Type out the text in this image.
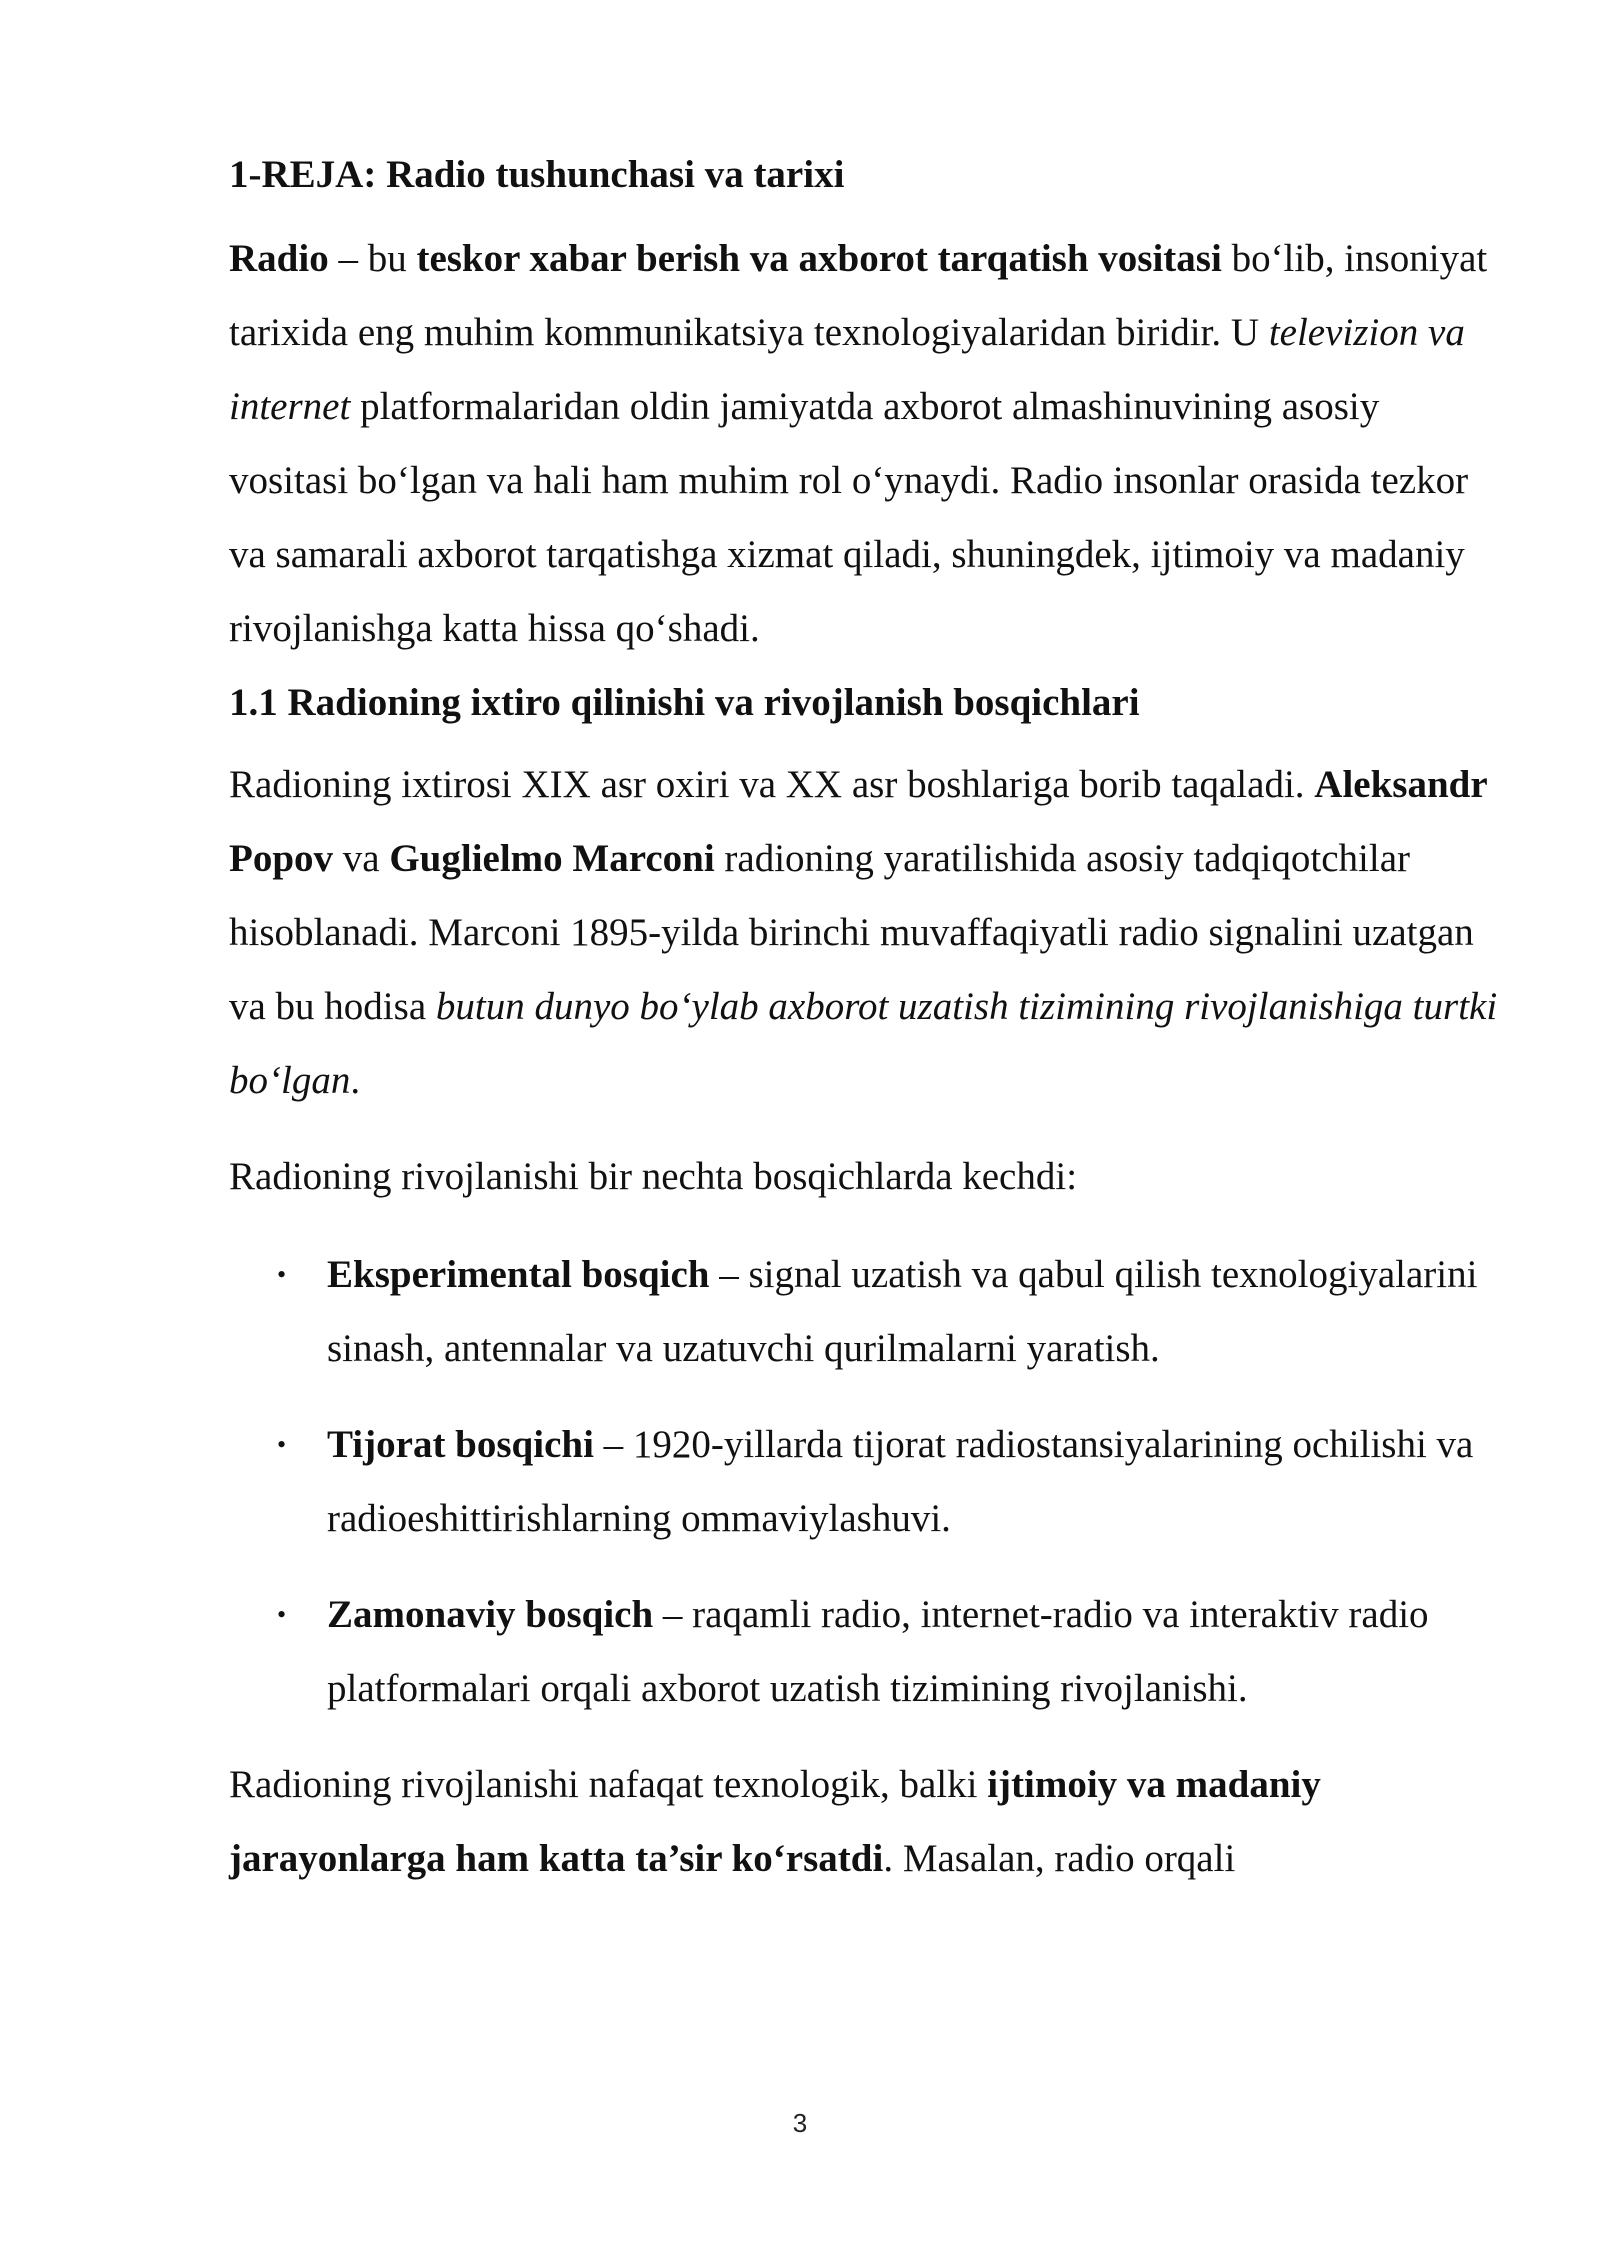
1-REJA: Radio tushunchasi va tarixi

Radio – bu teskor xabar berish va axborot tarqatish vositasi bo‘lib, insoniyat tarixida eng muhim kommunikatsiya texnologiyalaridan biridir. U televizion va internet platformalaridan oldin jamiyatda axborot almashinuvining asosiy vositasi bo‘lgan va hali ham muhim rol o‘ynaydi. Radio insonlar orasida tezkor va samarali axborot tarqatishga xizmat qiladi, shuningdek, ijtimoiy va madaniy rivojlanishga katta hissa qo‘shadi.

1.1 Radioning ixtiro qilinishi va rivojlanish bosqichlari

Radioning ixtirosi XIX asr oxiri va XX asr boshlariga borib taqaladi. Aleksandr Popov va Guglielmo Marconi radioning yaratilishida asosiy tadqiqotchilar hisoblanadi. Marconi 1895-yilda birinchi muvaffaqiyatli radio signalini uzatgan va bu hodisa butun dunyo bo‘ylab axborot uzatish tizimining rivojlanishiga turtki bo‘lgan.

Radioning rivojlanishi bir nechta bosqichlarda kechdi:

• Eksperimental bosqich – signal uzatish va qabul qilish texnologiyalarini sinash, antennalar va uzatuvchi qurilmalarni yaratish.
• Tijorat bosqichi – 1920-yillarda tijorat radiostansiyalarining ochilishi va radioeshittirishlarning ommaviylashuvi.
• Zamonaviy bosqich – raqamli radio, internet-radio va interaktiv radio platformalari orqali axborot uzatish tizimining rivojlanishi.

Radioning rivojlanishi nafaqat texnologik, balki ijtimoiy va madaniy jarayonlarga ham katta ta’sir ko‘rsatdi. Masalan, radio orqali

3
